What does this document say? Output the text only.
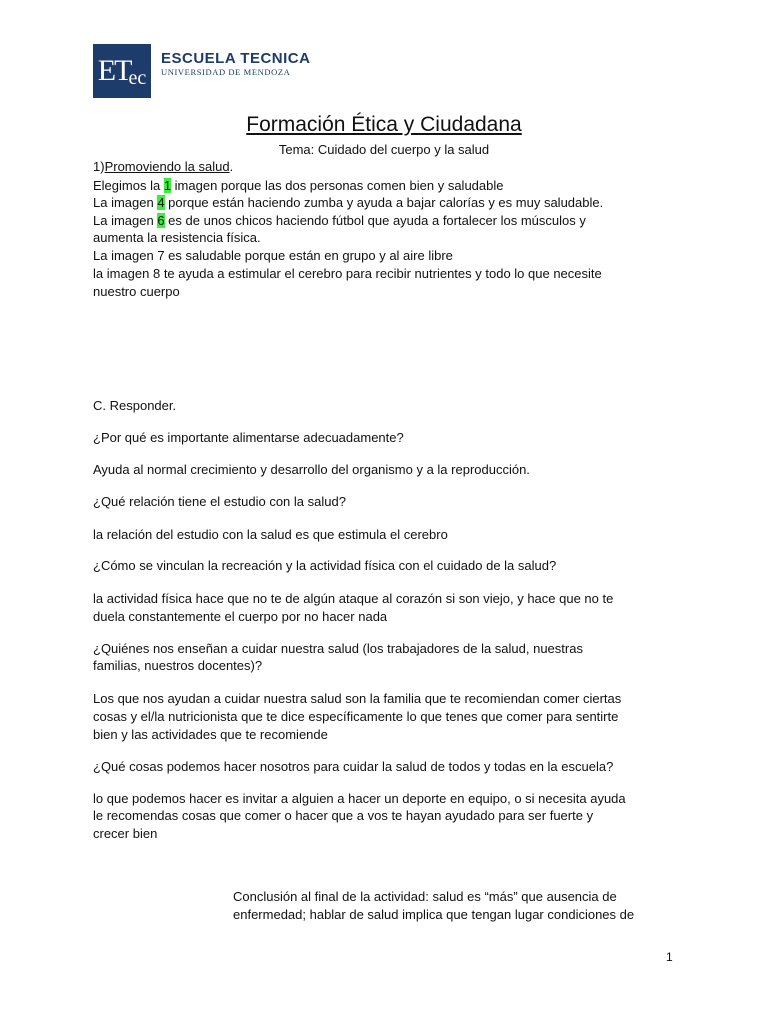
ET
ec
ESCUELA TECNICA
UNIVERSIDAD DE MENDOZA
Formación Ética y Ciudadana
Tema: Cuidado del cuerpo y la salud
1)Promoviendo la salud.
Elegimos la 1 imagen porque las dos personas comen bien y saludable
La imagen 4 porque están haciendo zumba y ayuda a bajar calorías y es muy saludable.
La imagen 6 es de unos chicos haciendo fútbol que ayuda a fortalecer los músculos y
aumenta la resistencia física.
La imagen 7 es saludable porque están en grupo y al aire libre
la imagen 8 te ayuda a estimular el cerebro para recibir nutrientes y todo lo que necesite
nuestro cuerpo
C. Responder.
¿Por qué es importante alimentarse adecuadamente?
Ayuda al normal crecimiento y desarrollo del organismo y a la reproducción.
¿Qué relación tiene el estudio con la salud?
la relación del estudio con la salud es que estimula el cerebro
¿Cómo se vinculan la recreación y la actividad física con el cuidado de la salud?
la actividad física hace que no te de algún ataque al corazón si son viejo, y hace que no te
duela constantemente el cuerpo por no hacer nada
¿Quiénes nos enseñan a cuidar nuestra salud (los trabajadores de la salud, nuestras
familias, nuestros docentes)?
Los que nos ayudan a cuidar nuestra salud son la familia que te recomiendan comer ciertas
cosas y el/la nutricionista que te dice específicamente lo que tenes que comer para sentirte
bien y las actividades que te recomiende
¿Qué cosas podemos hacer nosotros para cuidar la salud de todos y todas en la escuela?
lo que podemos hacer es invitar a alguien a hacer un deporte en equipo, o si necesita ayuda
le recomendas cosas que comer o hacer que a vos te hayan ayudado para ser fuerte y
crecer bien
Conclusión al final de la actividad: salud es “más” que ausencia de
enfermedad; hablar de salud implica que tengan lugar condiciones de
1
